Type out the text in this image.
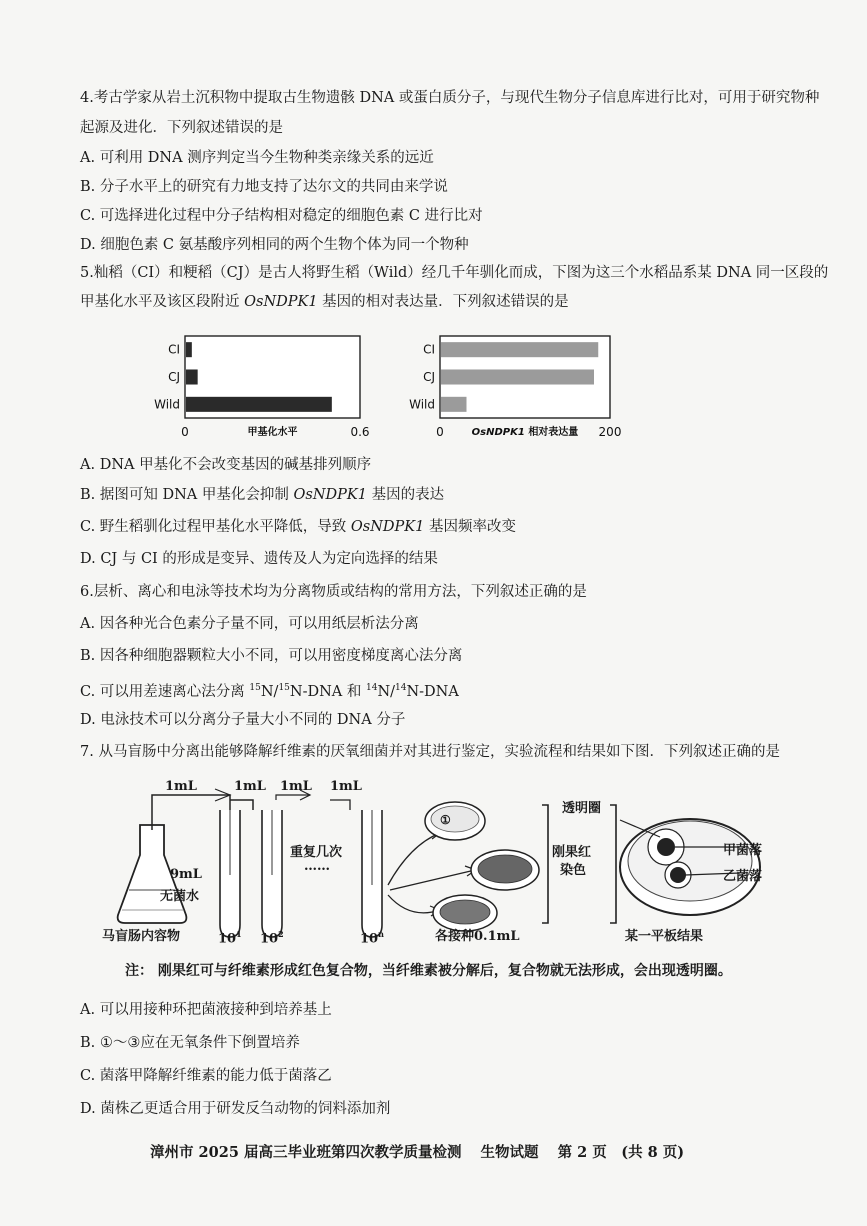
4.考古学家从岩土沉积物中提取古生物遗骸 DNA 或蛋白质分子，与现代生物分子信息库进行比对，可用于研究物种
起源及进化．下列叙述错误的是
A. 可利用 DNA 测序判定当今生物种类亲缘关系的远近
B. 分子水平上的研究有力地支持了达尔文的共同由来学说
C. 可选择进化过程中分子结构相对稳定的细胞色素 C 进行比对
D. 细胞色素 C 氨基酸序列相同的两个生物个体为同一个物种
5.籼稻（CI）和粳稻（CJ）是古人将野生稻（Wild）经几千年驯化而成，下图为这三个水稻品系某 DNA 同一区段的
甲基化水平及该区段附近 OsNDPK1 基因的相对表达量．下列叙述错误的是
CI
CJ
Wild
0	0.6
甲基化水平
CI
CJ
Wild
0	200
OsNDPK1 相对表达量
A. DNA 甲基化不会改变基因的碱基排列顺序
B. 据图可知 DNA 甲基化会抑制 OsNDPK1 基因的表达
C. 野生稻驯化过程甲基化水平降低，导致 OsNDPK1 基因频率改变
D. CJ 与 CI 的形成是变异、遗传及人为定向选择的结果
6.层析、离心和电泳等技术均为分离物质或结构的常用方法，下列叙述正确的是
A. 因各种光合色素分子量不同，可以用纸层析法分离
B. 因各种细胞器颗粒大小不同，可以用密度梯度离心法分离
C. 可以用差速离心法分离 $^{15}$N/$^{15}$N-DNA 和 $^{14}$N/$^{14}$N-DNA
D. 电泳技术可以分离分子量大小不同的 DNA 分子
7. 从马盲肠中分离出能够降解纤维素的厌氧细菌并对其进行鉴定，实验流程和结果如下图．下列叙述正确的是
1mL	1mL 1mL 1mL
9mL
无菌水
重复几次
……
马盲肠内容物	$10^1$ $10^2$	10$^n$
①
各接种0.1mL
刚果红
染色
透明圈
甲菌落
乙菌落
某一平板结果
注： 刚果红可与纤维素形成红色复合物，当纤维素被分解后，复合物就无法形成，会出现透明圈。
A. 可以用接种环把菌液接种到培养基上
B. ①～③应在无氧条件下倒置培养
C. 菌落甲降解纤维素的能力低于菌落乙
D. 菌株乙更适合用于研发反刍动物的饲料添加剂
漳州市 2025 届高三毕业班第四次教学质量检测 生物试题 第 2 页　(共 8 页)
